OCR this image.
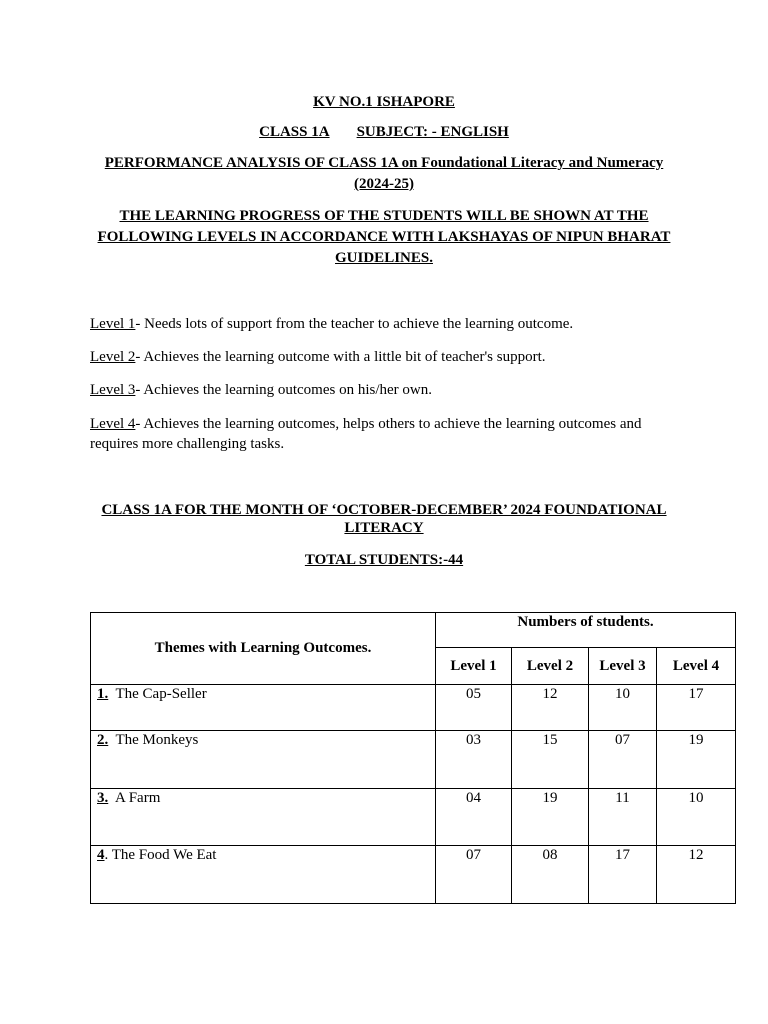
KV NO.1 ISHAPORE

CLASS 1A SUBJECT: - ENGLISH

PERFORMANCE ANALYSIS OF CLASS 1A on Foundational Literacy and Numeracy (2024-25)

THE LEARNING PROGRESS OF THE STUDENTS WILL BE SHOWN AT THE FOLLOWING LEVELS IN ACCORDANCE WITH LAKSHAYAS OF NIPUN BHARAT GUIDELINES.

Level 1- Needs lots of support from the teacher to achieve the learning outcome.

Level 2- Achieves the learning outcome with a little bit of teacher's support.

Level 3- Achieves the learning outcomes on his/her own.

Level 4- Achieves the learning outcomes, helps others to achieve the learning outcomes and requires more challenging tasks.

CLASS 1A FOR THE MONTH OF ‘OCTOBER-DECEMBER’ 2024 FOUNDATIONAL LITERACY

TOTAL STUDENTS:-44

Themes with Learning Outcomes.	Numbers of students.			

	Level 1	Level 2	Level 3	Level 4
1. The Cap-Seller	05	12	10	17
2. The Monkeys	03	15	07	19
3. A Farm	04	19	11	10
4. The Food We Eat	07	08	17	12
